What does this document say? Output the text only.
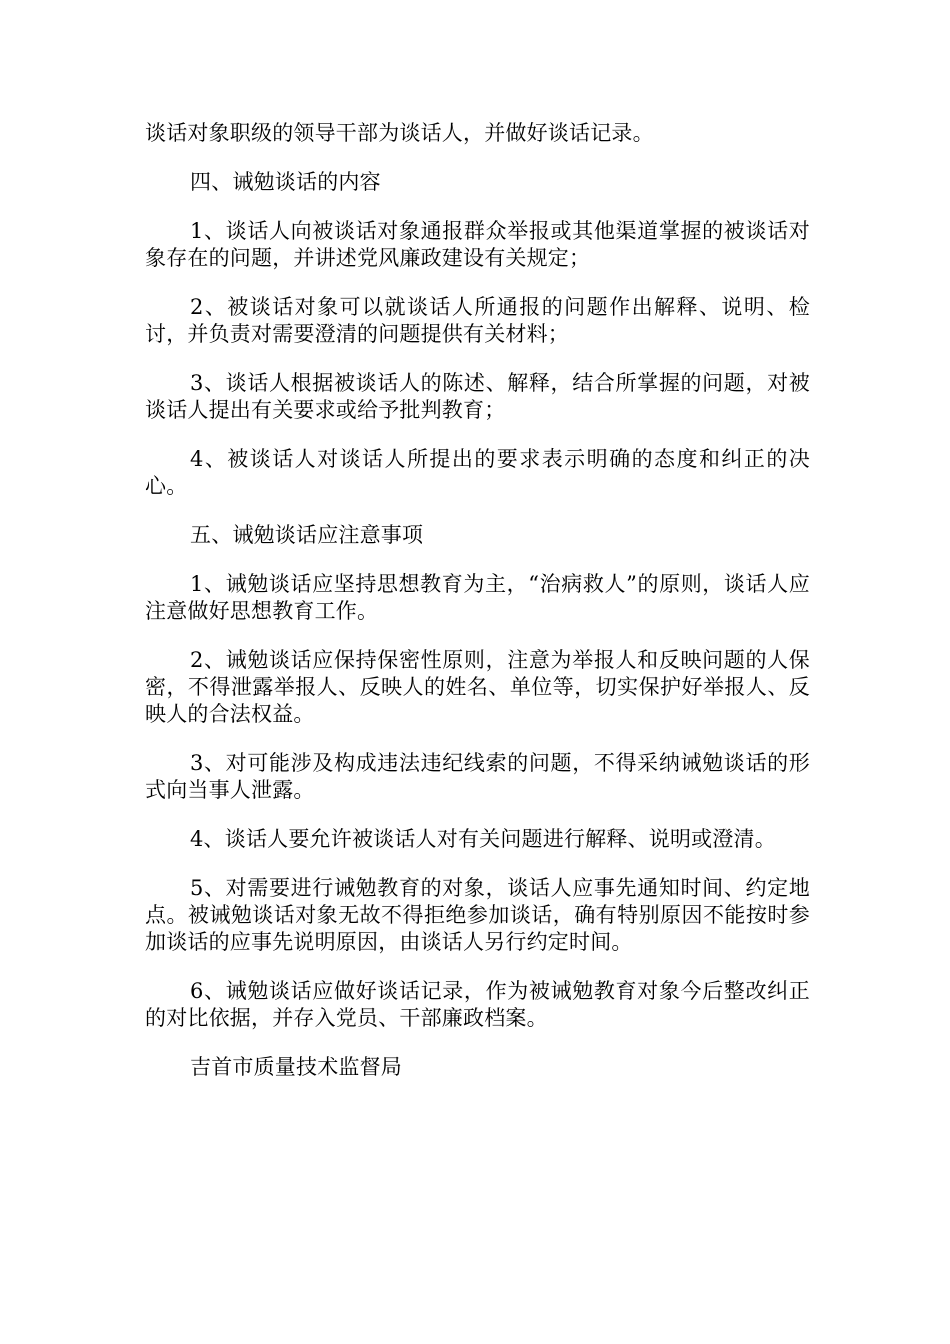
谈话对象职级的领导干部为谈话人，并做好谈话记录。

四、诫勉谈话的内容

1、谈话人向被谈话对象通报群众举报或其他渠道掌握的被谈话对象存在的问题，并讲述党风廉政建设有关规定；

2、被谈话对象可以就谈话人所通报的问题作出解释、说明、检讨，并负责对需要澄清的问题提供有关材料；

3、谈话人根据被谈话人的陈述、解释，结合所掌握的问题，对被谈话人提出有关要求或给予批判教育；

4、被谈话人对谈话人所提出的要求表示明确的态度和纠正的决心。

五、诫勉谈话应注意事项

1、诫勉谈话应坚持思想教育为主，“治病救人”的原则，谈话人应注意做好思想教育工作。

2、诫勉谈话应保持保密性原则，注意为举报人和反映问题的人保密，不得泄露举报人、反映人的姓名、单位等，切实保护好举报人、反映人的合法权益。

3、对可能涉及构成违法违纪线索的问题，不得采纳诫勉谈话的形式向当事人泄露。

4、谈话人要允许被谈话人对有关问题进行解释、说明或澄清。

5、对需要进行诫勉教育的对象，谈话人应事先通知时间、约定地点。被诫勉谈话对象无故不得拒绝参加谈话，确有特别原因不能按时参加谈话的应事先说明原因，由谈话人另行约定时间。

6、诫勉谈话应做好谈话记录，作为被诫勉教育对象今后整改纠正的对比依据，并存入党员、干部廉政档案。

吉首市质量技术监督局
